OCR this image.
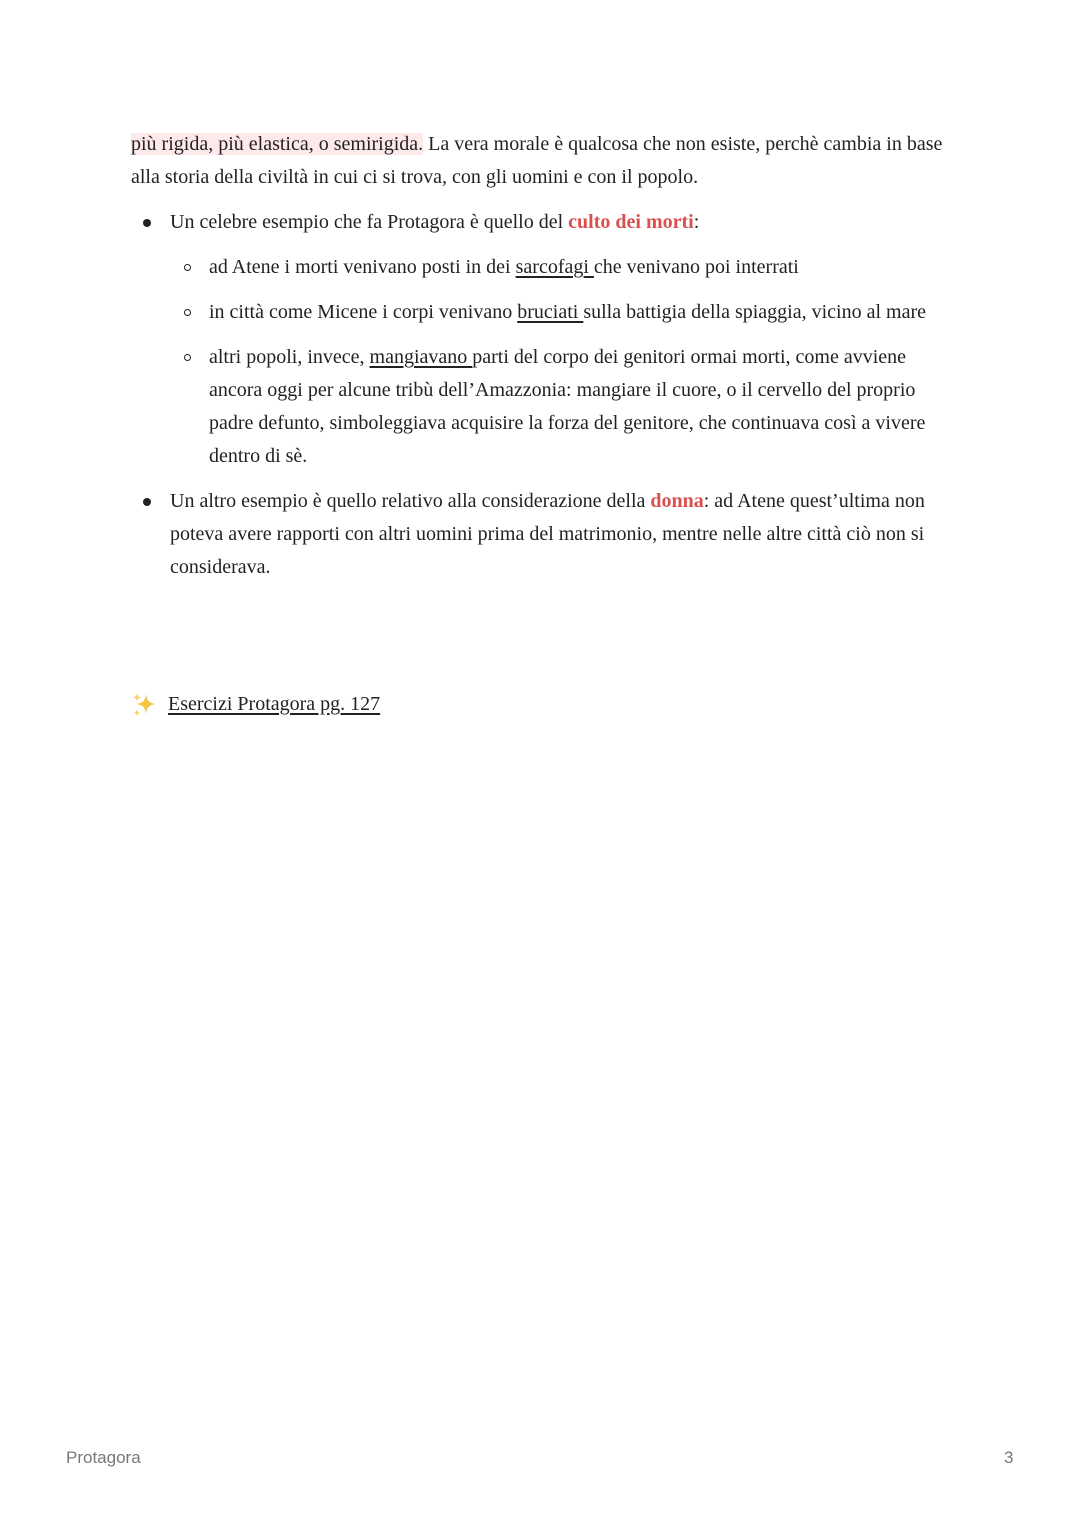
più rigida, più elastica, o semirigida. La vera morale è qualcosa che non esiste, perchè cambia in base alla storia della civiltà in cui ci si trova, con gli uomini e con il popolo.

Un celebre esempio che fa Protagora è quello del culto dei morti:
ad Atene i morti venivano posti in dei sarcofagi che venivano poi interrati
in città come Micene i corpi venivano bruciati sulla battigia della spiaggia, vicino al mare
altri popoli, invece, mangiavano parti del corpo dei genitori ormai morti, come avviene ancora oggi per alcune tribù dell’Amazzonia: mangiare il cuore, o il cervello del proprio padre defunto, simboleggiava acquisire la forza del genitore, che continuava così a vivere dentro di sè.
Un altro esempio è quello relativo alla considerazione della donna: ad Atene quest’ultima non poteva avere rapporti con altri uomini prima del matrimonio, mentre nelle altre città ciò non si considerava.
Esercizi Protagora pg. 127
Protagora	3
